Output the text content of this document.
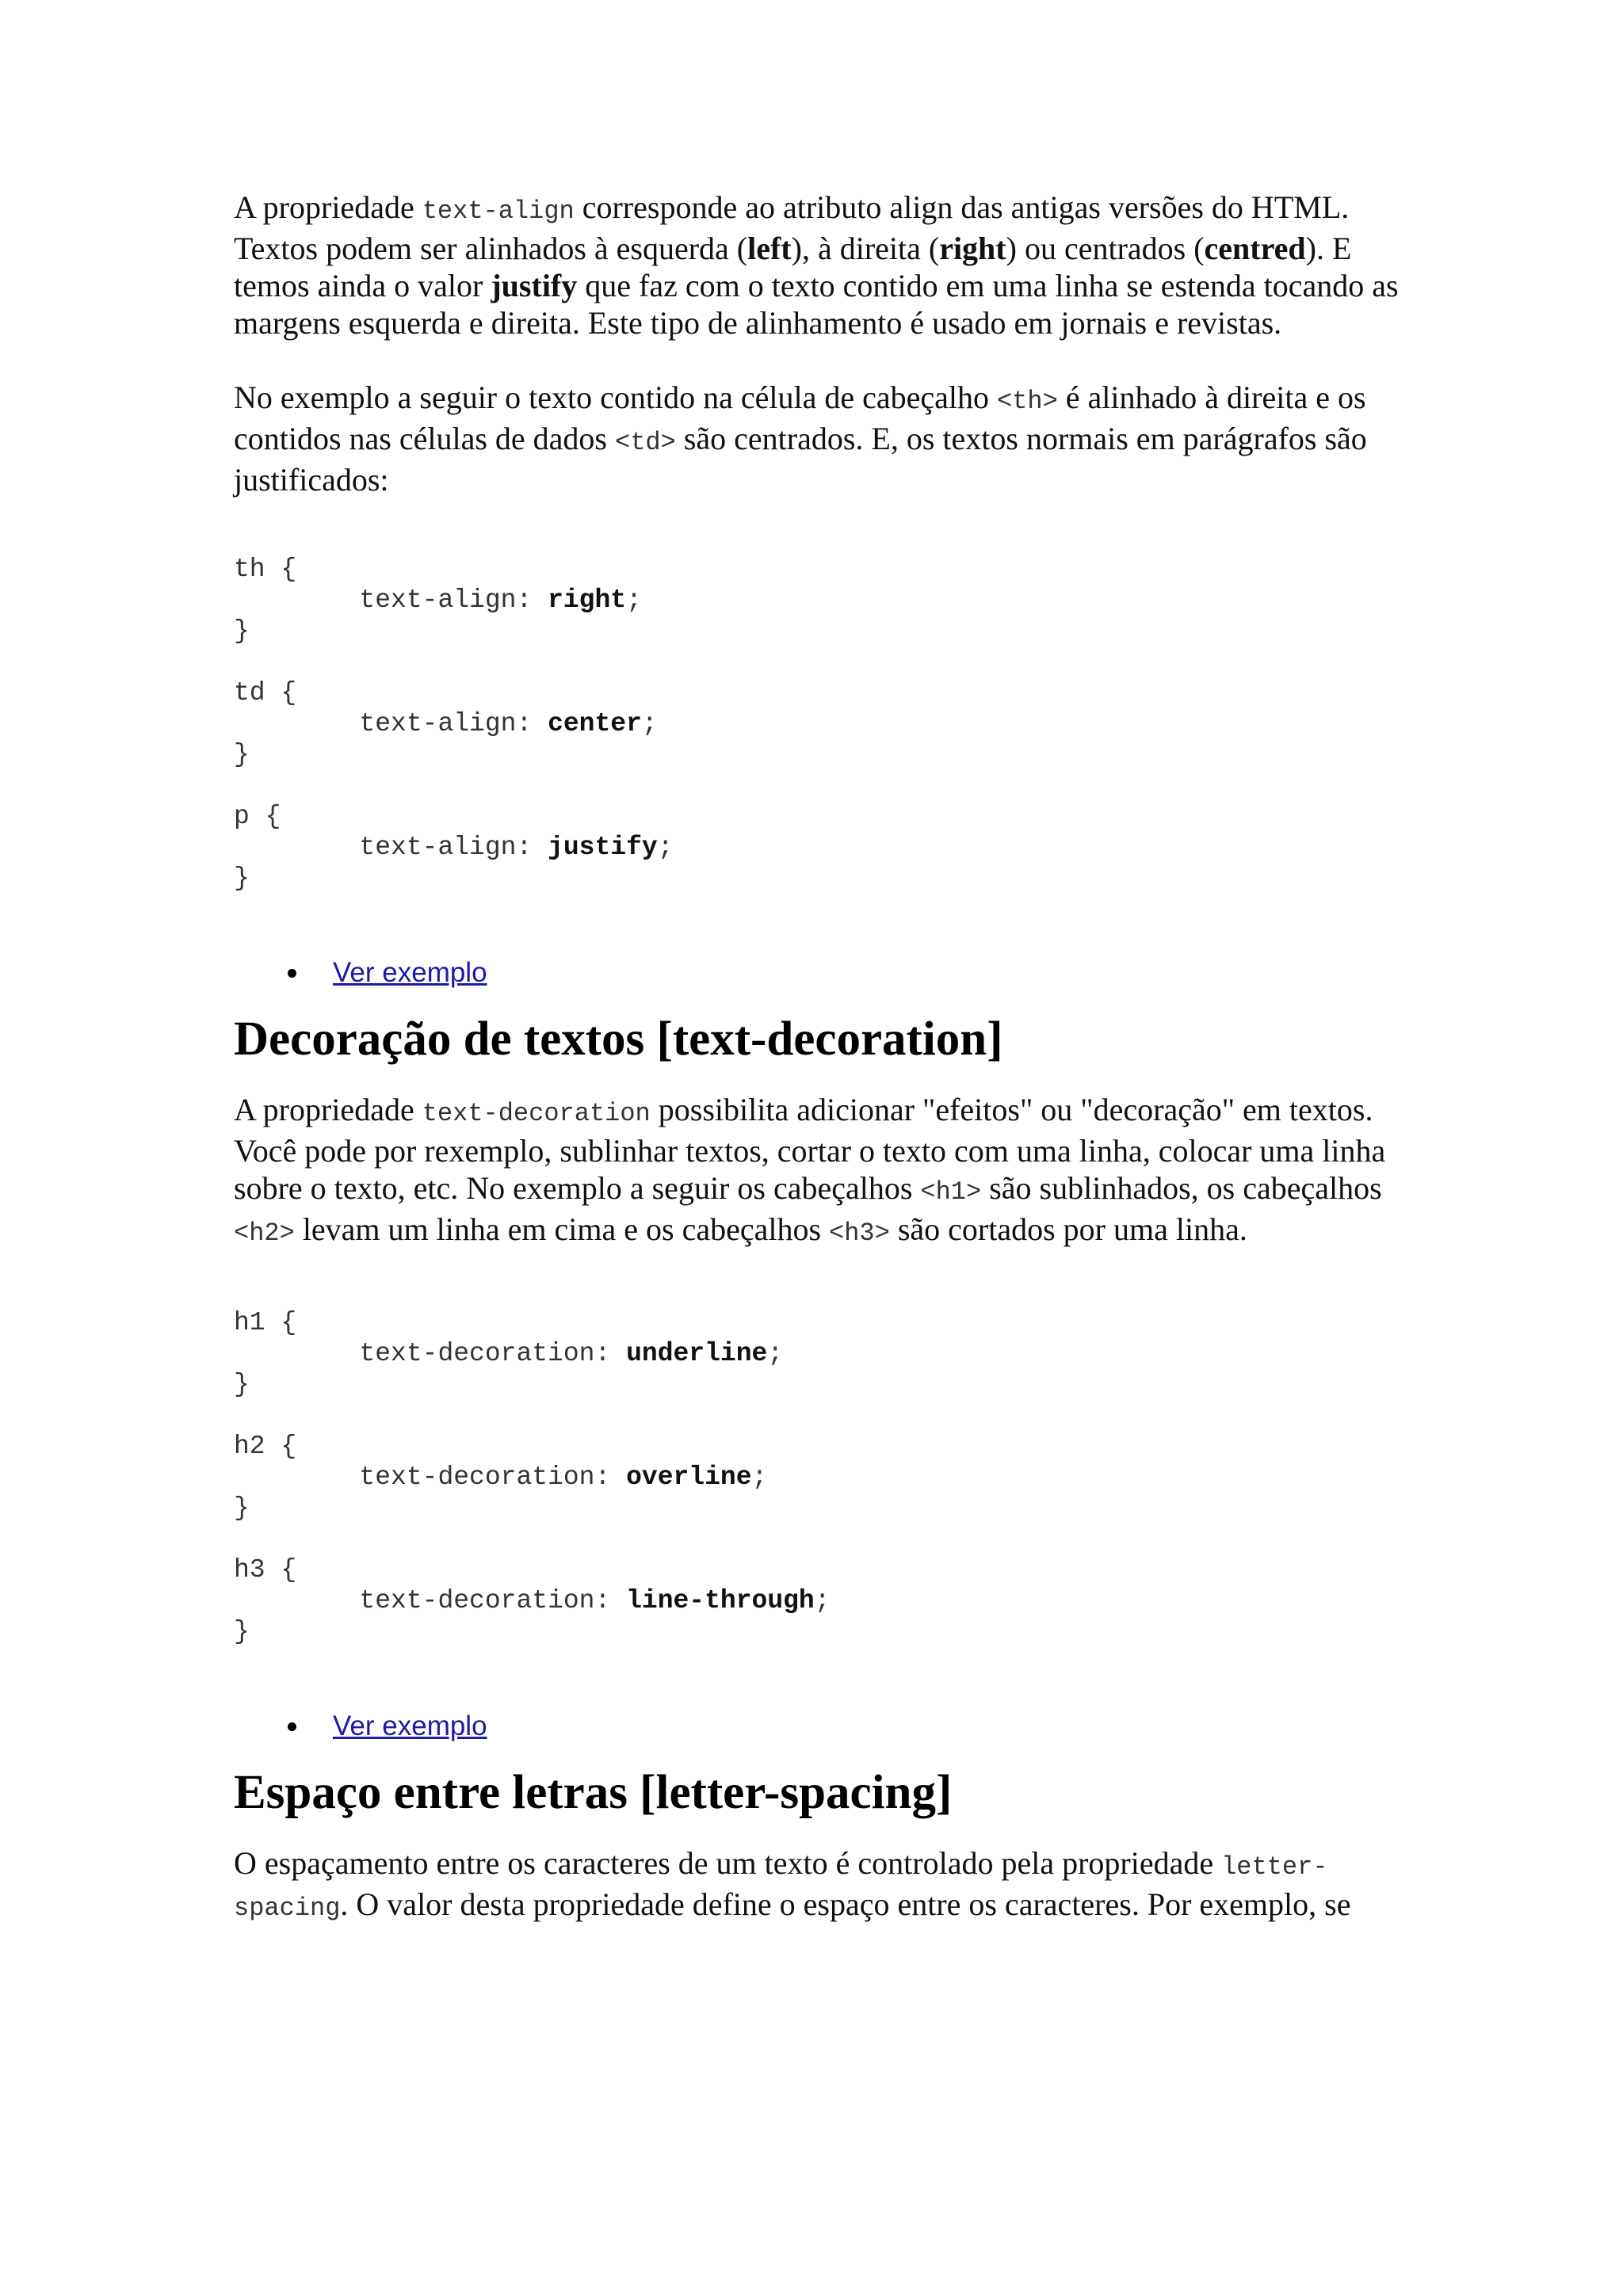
A propriedade text-align corresponde ao atributo align das antigas versões do HTML. Textos podem ser alinhados à esquerda (left), à direita (right) ou centrados (centred). E temos ainda o valor justify que faz com o texto contido em uma linha se estenda tocando as margens esquerda e direita. Este tipo de alinhamento é usado em jornais e revistas.

No exemplo a seguir o texto contido na célula de cabeçalho <th> é alinhado à direita e os contidos nas células de dados <td> são centrados. E, os textos normais em parágrafos são justificados:

th {
text-align: right;
}

td {
text-align: center;
}

p {
text-align: justify;
}
Ver exemplo
Decoração de textos [text-decoration]

A propriedade text-decoration possibilita adicionar "efeitos" ou "decoração" em textos. Você pode por rexemplo, sublinhar textos, cortar o texto com uma linha, colocar uma linha sobre o texto, etc. No exemplo a seguir os cabeçalhos <h1> são sublinhados, os cabeçalhos <h2> levam um linha em cima e os cabeçalhos <h3> são cortados por uma linha.

h1 {
text-decoration: underline;
}

h2 {
text-decoration: overline;
}

h3 {
text-decoration: line-through;
}
Ver exemplo
Espaço entre letras [letter-spacing]

O espaçamento entre os caracteres de um texto é controlado pela propriedade letter-spacing. O valor desta propriedade define o espaço entre os caracteres. Por exemplo, se
